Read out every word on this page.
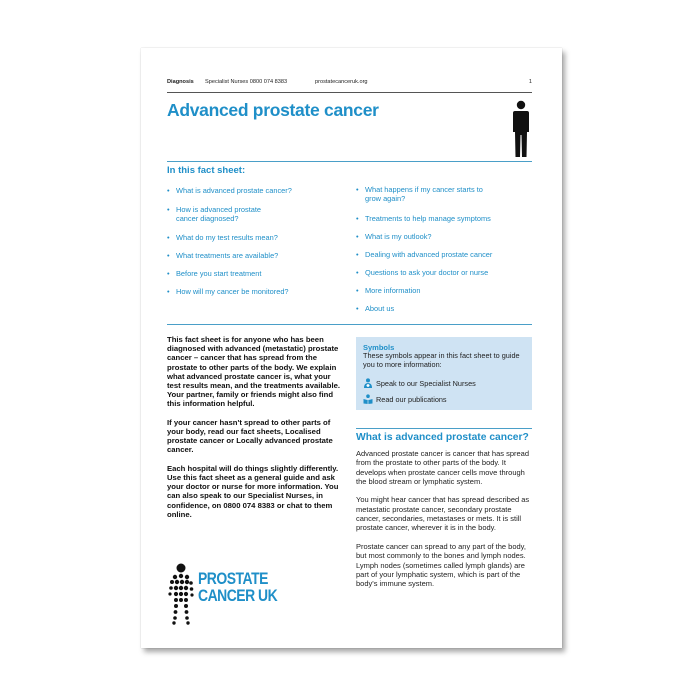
Diagnosis Specialist Nurses 0800 074 8383	prostatecanceruk.org	1
Advanced prostate cancer
In this fact sheet:
• What is advanced prostate cancer?
• How is advanced prostate
cancer diagnosed?
• What do my test results mean?
• What treatments are available?
• Before you start treatment
• How will my cancer be monitored?
• What happens if my cancer starts to
grow again?
• Treatments to help manage symptoms
• What is my outlook?
• Dealing with advanced prostate cancer
• Questions to ask your doctor or nurse
• More information
• About us

This fact sheet is for anyone who has been diagnosed with advanced (metastatic) prostate cancer – cancer that has spread from the prostate to other parts of the body. We explain what advanced prostate cancer is, what your test results mean, and the treatments available. Your partner, family or friends might also find this information helpful.

If your cancer hasn't spread to other parts of your body, read our fact sheets, Localised prostate cancer or Locally advanced prostate cancer.

Each hospital will do things slightly differently. Use this fact sheet as a general guide and ask your doctor or nurse for more information. You can also speak to our Specialist Nurses, in confidence, on 0800 074 8383 or chat to them online.

Symbols
These symbols appear in this fact sheet to guide you to more information:
Speak to our Specialist Nurses
Read our publications
What is advanced prostate cancer?

Advanced prostate cancer is cancer that has spread from the prostate to other parts of the body. It develops when prostate cancer cells move through the blood stream or lymphatic system.

You might hear cancer that has spread described as metastatic prostate cancer, secondary prostate cancer, secondaries, metastases or mets. It is still prostate cancer, wherever it is in the body.

Prostate cancer can spread to any part of the body, but most commonly to the bones and lymph nodes. Lymph nodes (sometimes called lymph glands) are part of your lymphatic system, which is part of the body's immune system.

PROSTATE
CANCER UK
